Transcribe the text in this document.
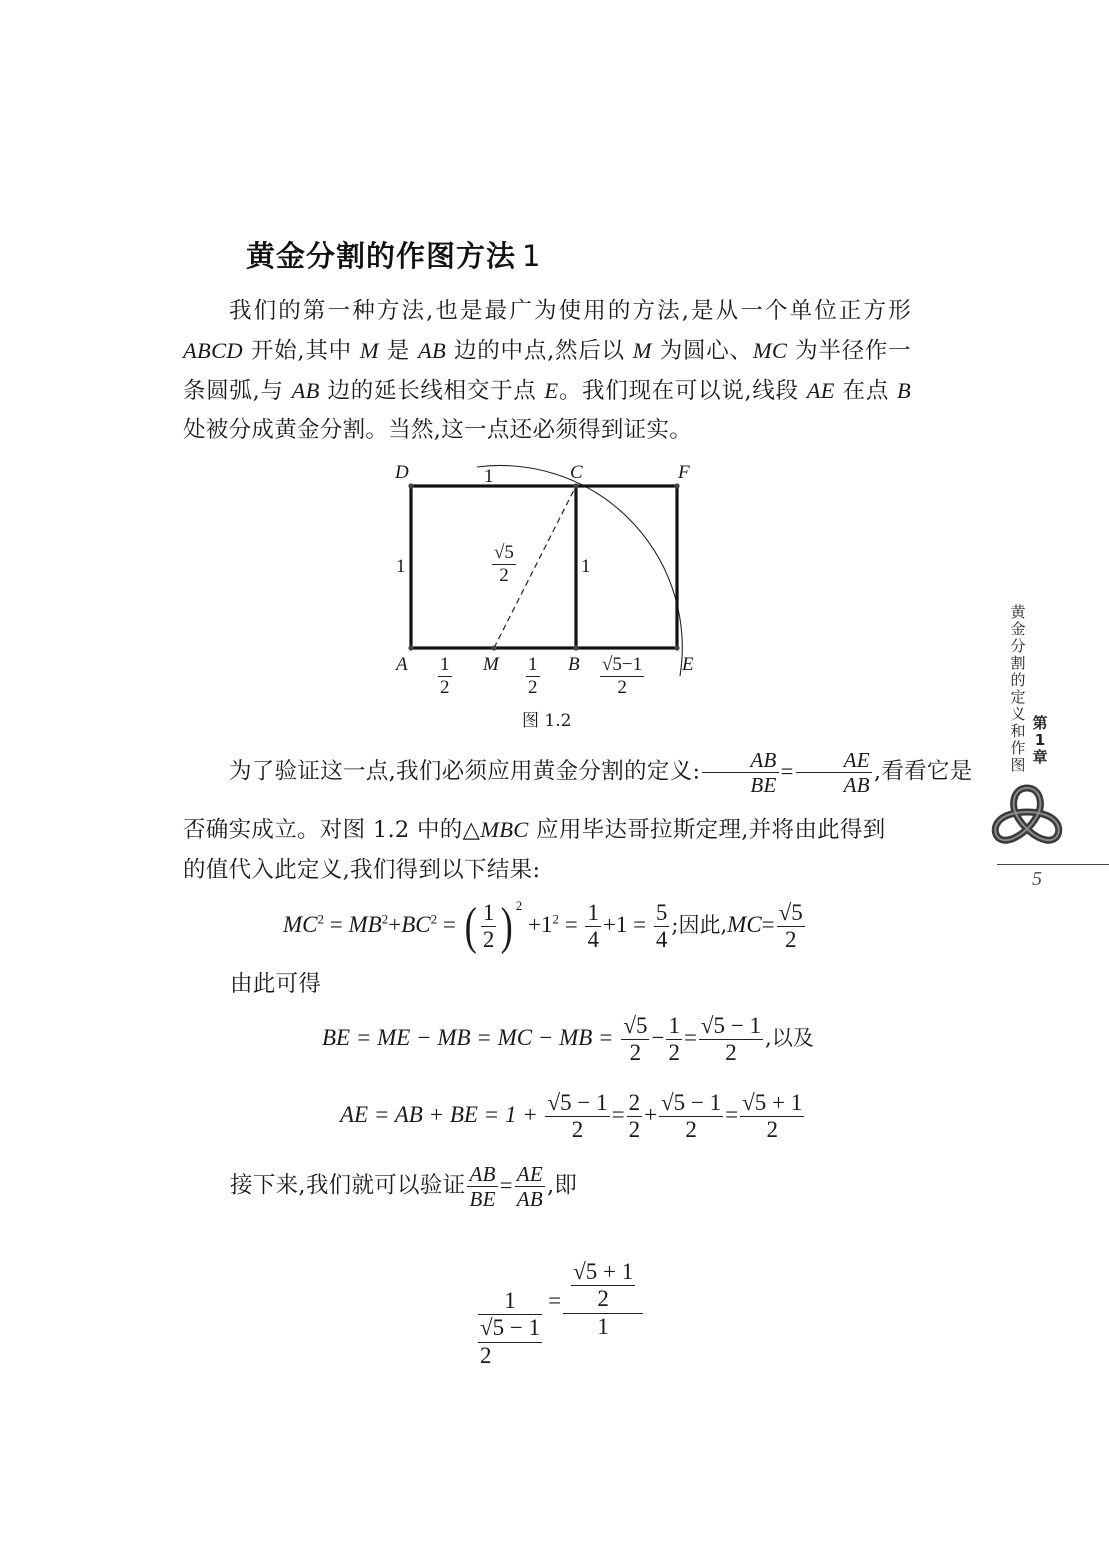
黄金分割的作图方法 1
我们的第一种方法,也是最广为使用的方法,是从一个单位正方形ABCD 开始,其中 M 是 AB 边的中点,然后以 M 为圆心、MC 为半径作一条圆弧,与 AB 边的延长线相交于点 E。我们现在可以说,线段 AE 在点 B 处被分成黄金分割。当然,这一点还必须得到证实。
D	1	C	F
1	1
$\frac{√5}{2}$
A	M	B	E
$\frac{1}{2}$	$\frac{1}{2}$	$\frac{√5-1}{2}$
图 1.2
为了验证这一点,我们必须应用黄金分割的定义: $\frac{AB}{BE} = \frac{AE}{AB}$ ,看看它是
否确实成立。对图 1.2 中的△MBC 应用毕达哥拉斯定理,并将由此得到
的值代入此定义,我们得到以下结果:
$MC^2 = MB^2+BC^2$ = ( $\frac{1}{2}$ ) $^2 +1^2 = \frac{1}{4} +1 = \frac{5}{4}$ ;因此$,MC= \frac{√5}{2}$
由此可得
BE = ME − MB = MC − MB = $\frac{√5}{2} - \frac{1}{2} = \frac{√5 - 1}{2}$ ,以及
AE = AB + BE = $1 + \frac{√5 - 1}{2} = \frac{2}{2} + \frac{√5 - 1}{2} = \frac{√5 + 1}{2}$
接下来,我们就可以验证 $\frac{AB}{BE} = \frac{AE}{AB}$ ,即
$\frac{1}{\frac{√5 - 1}{2}} = \frac{\frac{√5 + 1}{2}}{1}$
黄
金
分
割
的
定
义
和
作
图
第
1
章
5
